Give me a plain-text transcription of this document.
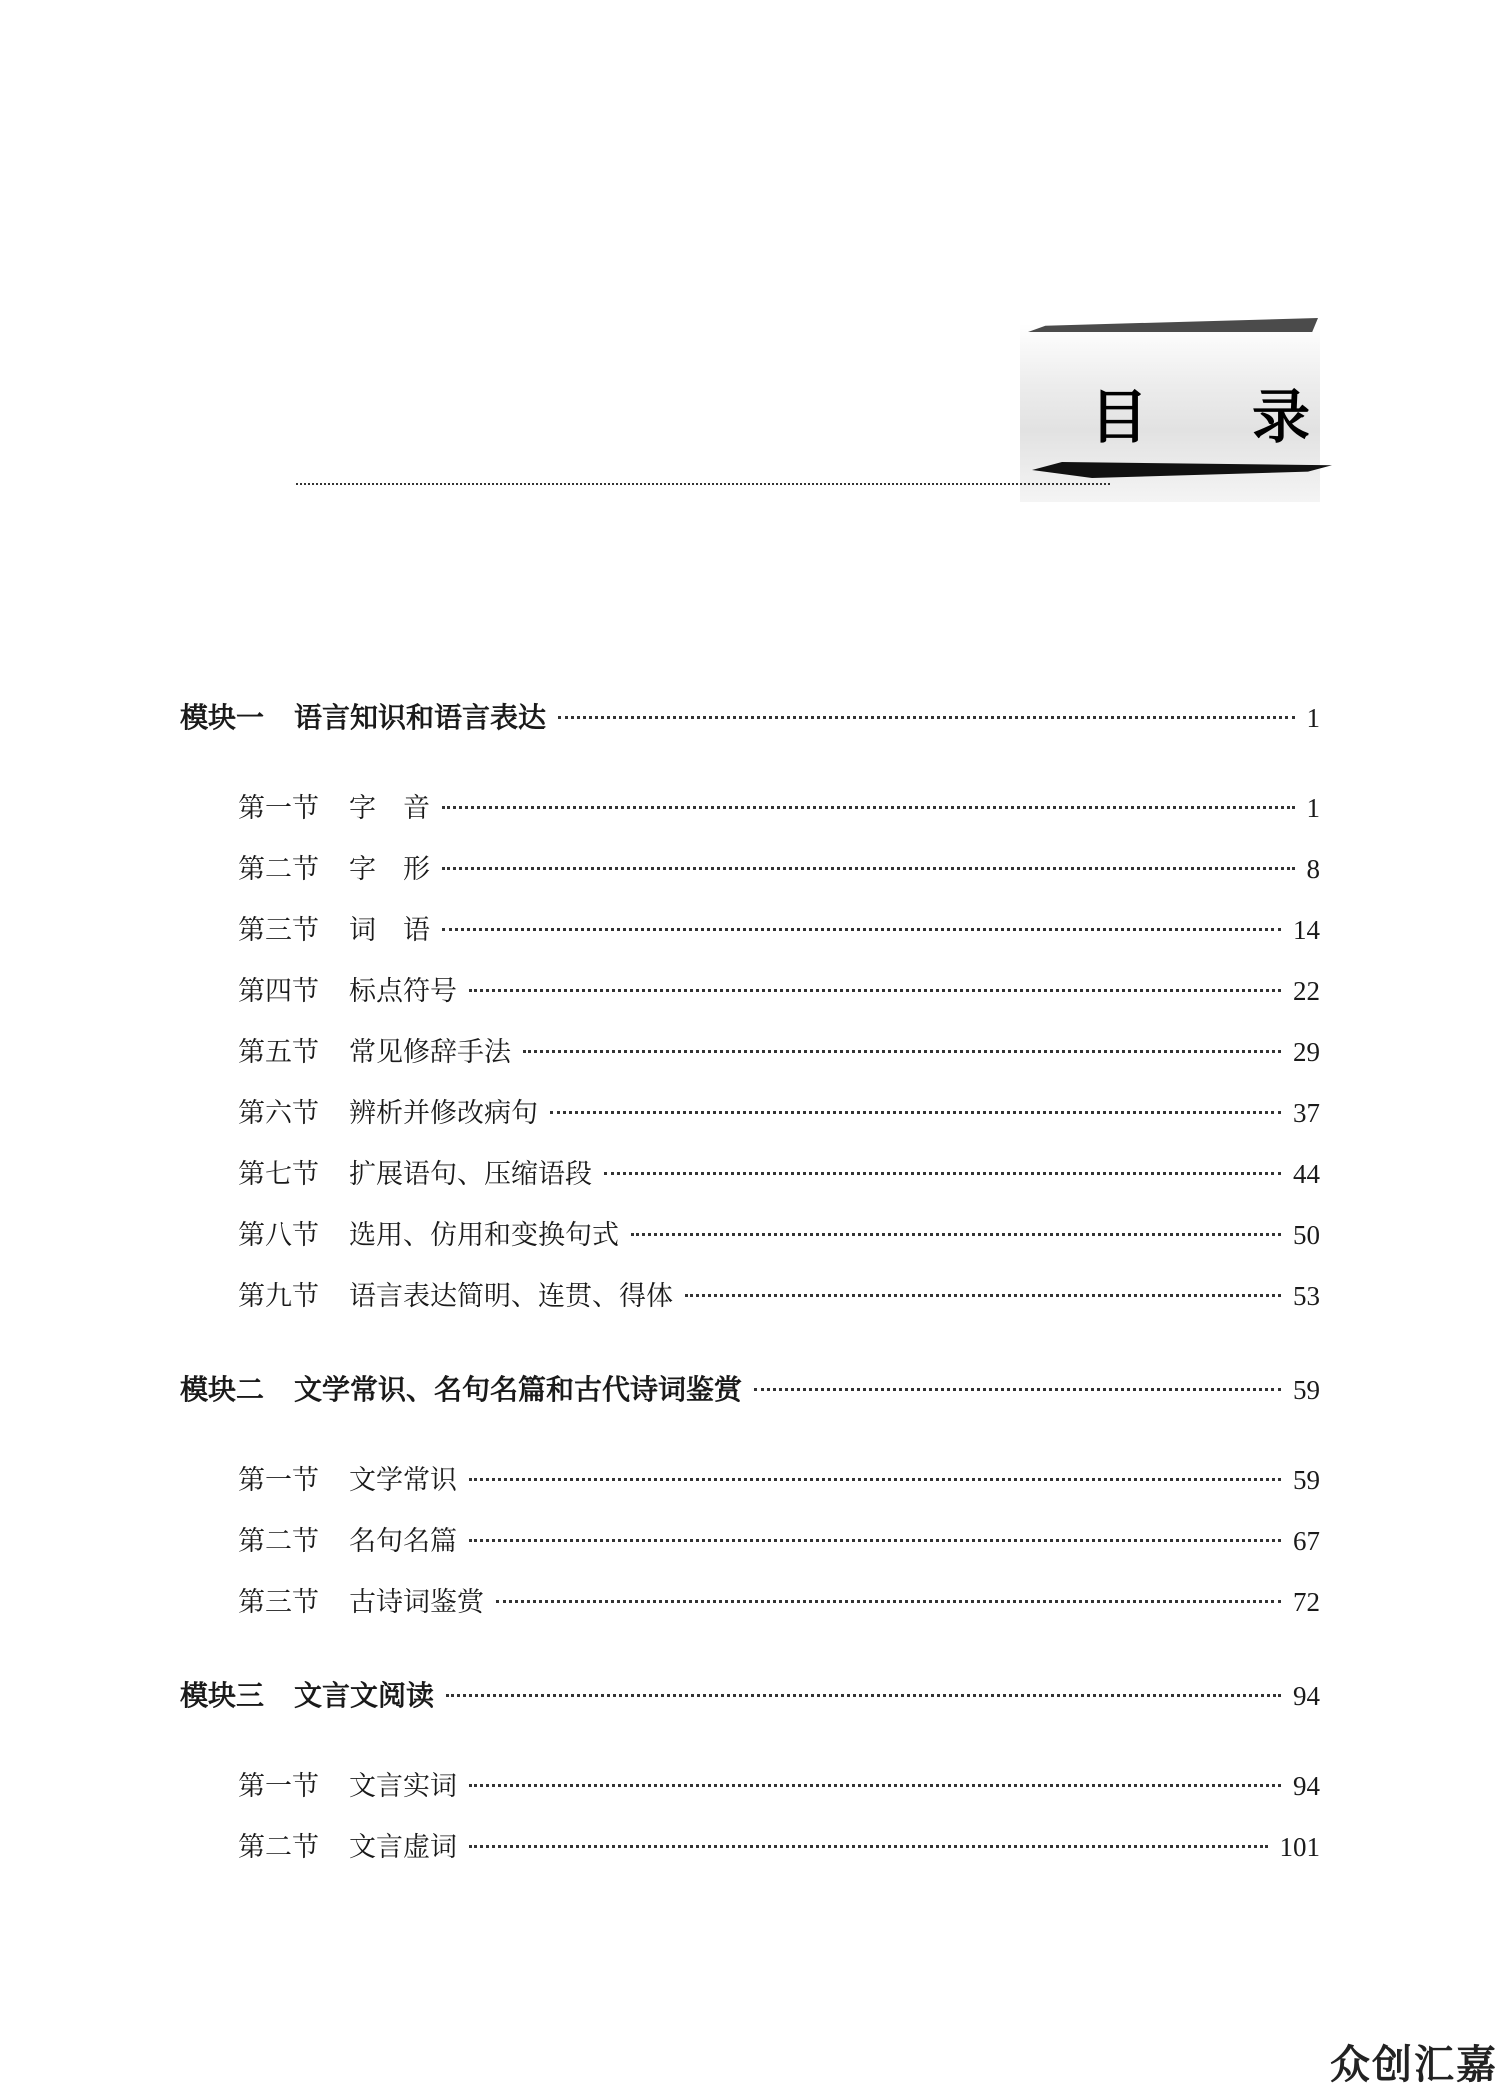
目 录
模块一 语言知识和语言表达	1
第一节 字　音	1
第二节 字　形	8
第三节 词　语	14
第四节 标点符号	22
第五节 常见修辞手法	29
第六节 辨析并修改病句	37
第七节 扩展语句、压缩语段	44
第八节 选用、仿用和变换句式	50
第九节 语言表达简明、连贯、得体	53
模块二 文学常识、名句名篇和古代诗词鉴赏	59
第一节 文学常识	59
第二节 名句名篇	67
第三节 古诗词鉴赏	72
模块三 文言文阅读	94
第一节 文言实词	94
第二节 文言虚词	101
众创汇嘉
